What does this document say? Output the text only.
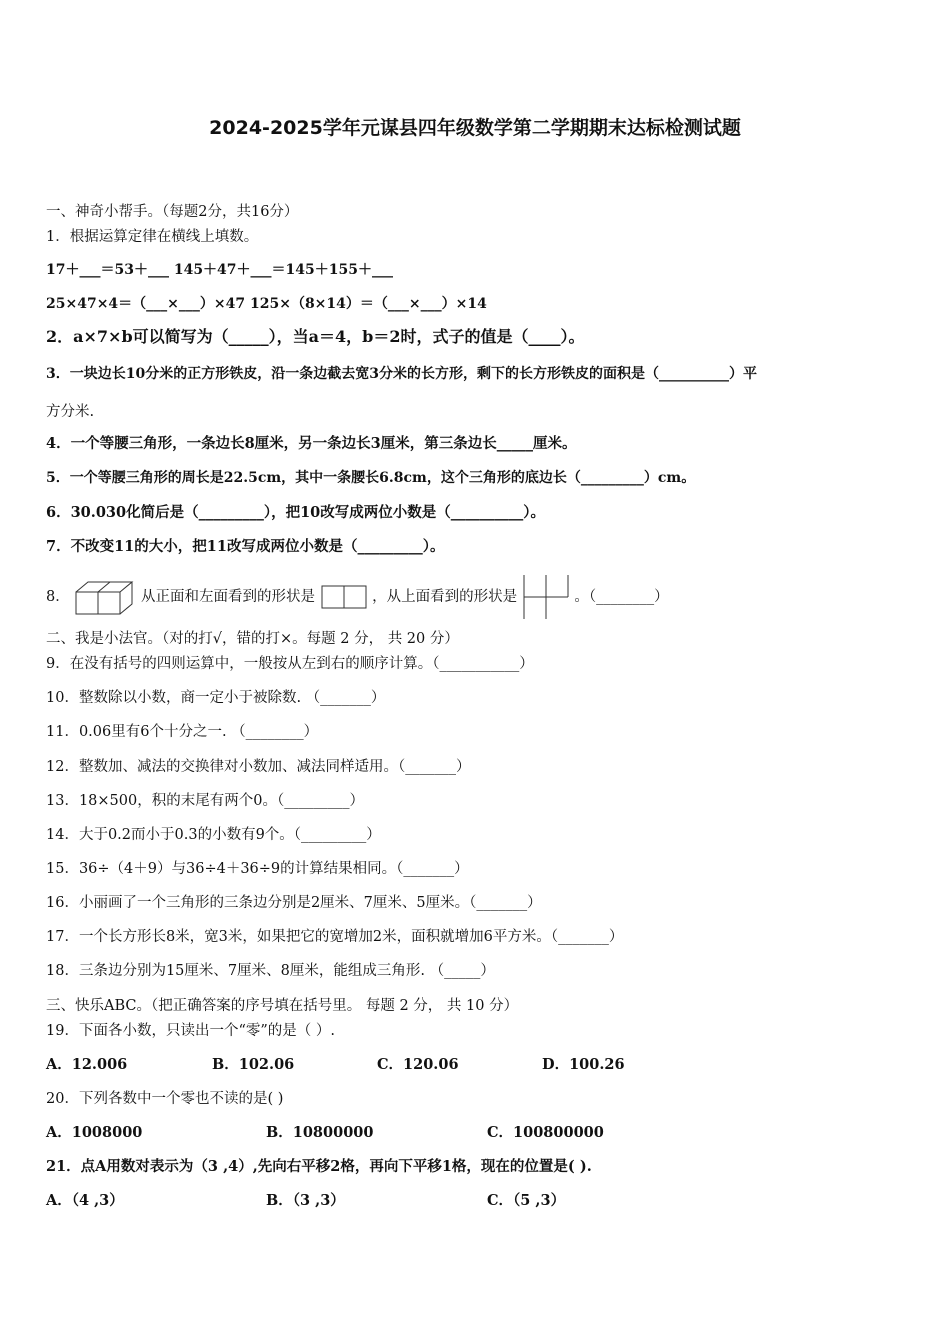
2024-2025学年元谋县四年级数学第二学期期末达标检测试题
一、神奇小帮手。（每题2分，共16分）
1．根据运算定律在横线上填数。
17＋___＝53＋___ 145＋47＋___＝145＋155＋___
25×47×4＝（___×___）×47 125×（8×14）＝（___×___）×14
2．a×7×b可以简写为（_____），当a＝4，b＝2时，式子的值是（____）。
3．一块边长10分米的正方形铁皮，沿一条边截去宽3分米的长方形，剩下的长方形铁皮的面积是（__________）平
方分米.
4．一个等腰三角形，一条边长8厘米，另一条边长3厘米，第三条边长_____厘米。
5．一个等腰三角形的周长是22.5cm，其中一条腰长6.8cm，这个三角形的底边长（_________）cm。
6．30.030化简后是（_________），把10改写成两位小数是（__________）。
7．不改变11的大小，把11改写成两位小数是（_________）。
8．	从正面和左面看到的形状是	，从上面看到的形状是	。（________）
二、我是小法官。（对的打√，错的打×。每题 2 分， 共 20 分）
9．在没有括号的四则运算中，一般按从左到右的顺序计算。（___________）
10．整数除以小数，商一定小于被除数. （_______）
11．0.06里有6个十分之一. （________）
12．整数加、减法的交换律对小数加、减法同样适用。（_______）
13．18×500，积的末尾有两个0。（_________）
14．大于0.2而小于0.3的小数有9个。（_________）
15．36÷（4＋9）与36÷4＋36÷9的计算结果相同。（_______）
16．小丽画了一个三角形的三条边分别是2厘米、7厘米、5厘米。（_______）
17．一个长方形长8米，宽3米，如果把它的宽增加2米，面积就增加6平方米。（_______）
18．三条边分别为15厘米、7厘米、8厘米，能组成三角形. （_____）
三、快乐ABC。（把正确答案的序号填在括号里。 每题 2 分， 共 10 分）
19．下面各小数，只读出一个“零”的是（ ）.
A．12.006	B．102.06	C．120.06	D．100.26
20．下列各数中一个零也不读的是( )
A．1008000	B．10800000	C．100800000
21．点A用数对表示为（3 ,4）,先向右平移2格，再向下平移1格，现在的位置是( ).
A．（4 ,3）	B．（3 ,3）	C．（5 ,3）
